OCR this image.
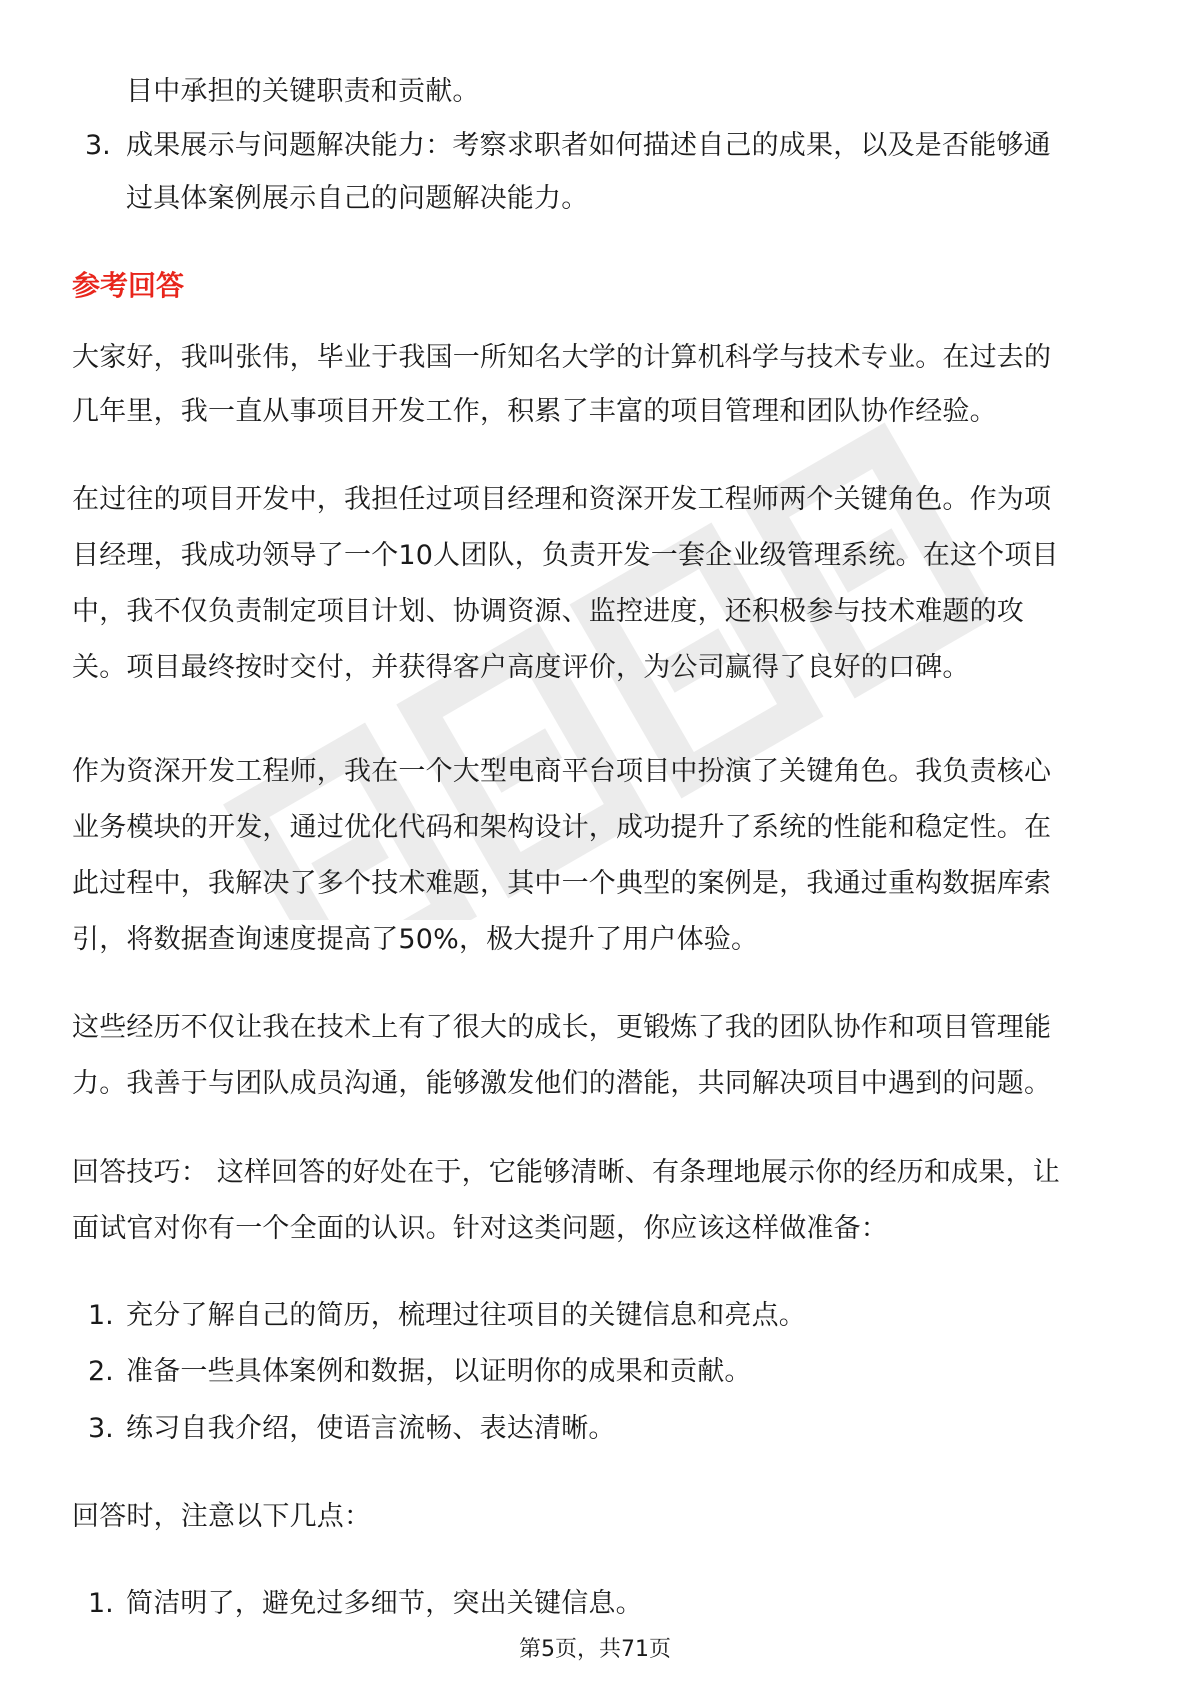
目中承担的关键职责和贡献。
3. 成果展示与问题解决能力：考察求职者如何描述自己的成果，以及是否能够通
过具体案例展示自己的问题解决能力。
参考回答
大家好，我叫张伟，毕业于我国一所知名大学的计算机科学与技术专业。在过去的
几年里，我一直从事项目开发工作，积累了丰富的项目管理和团队协作经验。
在过往的项目开发中，我担任过项目经理和资深开发工程师两个关键角色。作为项
目经理，我成功领导了一个10人团队，负责开发一套企业级管理系统。在这个项目
中，我不仅负责制定项目计划、协调资源、监控进度，还积极参与技术难题的攻
关。项目最终按时交付，并获得客户高度评价，为公司赢得了良好的口碑。
作为资深开发工程师，我在一个大型电商平台项目中扮演了关键角色。我负责核心
业务模块的开发，通过优化代码和架构设计，成功提升了系统的性能和稳定性。在
此过程中，我解决了多个技术难题，其中一个典型的案例是，我通过重构数据库索
引，将数据查询速度提高了50%，极大提升了用户体验。
这些经历不仅让我在技术上有了很大的成长，更锻炼了我的团队协作和项目管理能
力。我善于与团队成员沟通，能够激发他们的潜能，共同解决项目中遇到的问题。
回答技巧： 这样回答的好处在于，它能够清晰、有条理地展示你的经历和成果，让
面试官对你有一个全面的认识。针对这类问题，你应该这样做准备：
1. 充分了解自己的简历，梳理过往项目的关键信息和亮点。
2. 准备一些具体案例和数据，以证明你的成果和贡献。
3. 练习自我介绍，使语言流畅、表达清晰。
回答时，注意以下几点：
1. 简洁明了，避免过多细节，突出关键信息。
第5页，共71页
